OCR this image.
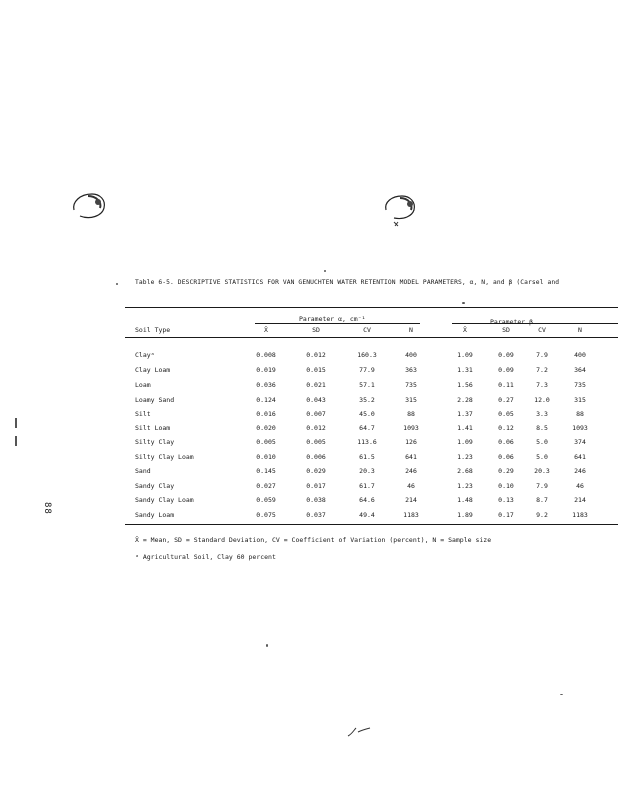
88
Table 6-5. DESCRIPTIVE STATISTICS FOR VAN GENUCHTEN WATER RETENTION MODEL PARAMETERS, α, N, and β (Carsel and
Parameter α, cm⁻¹	Parameter β
Soil Type	X̄	SD	CV	N	X̄	SD	CV	N
Clayᵃ	0.008	0.012	160.3	400	1.09	0.09	7.9	400
Clay Loam	0.019	0.015	77.9	363	1.31	0.09	7.2	364
Loam	0.036	0.021	57.1	735	1.56	0.11	7.3	735
Loamy Sand	0.124	0.043	35.2	315	2.28	0.27	12.0	315
Silt	0.016	0.007	45.0	88	1.37	0.05	3.3	88
Silt Loam	0.020	0.012	64.7	1093	1.41	0.12	8.5	1093
Silty Clay	0.005	0.005	113.6	126	1.09	0.06	5.0	374
Silty Clay Loam	0.010	0.006	61.5	641	1.23	0.06	5.0	641
Sand	0.145	0.029	20.3	246	2.68	0.29	20.3	246
Sandy Clay	0.027	0.017	61.7	46	1.23	0.10	7.9	46
Sandy Clay Loam	0.059	0.038	64.6	214	1.48	0.13	8.7	214
Sandy Loam	0.075	0.037	49.4	1183	1.89	0.17	9.2	1183
X̄ = Mean, SD = Standard Deviation, CV = Coefficient of Variation (percent), N = Sample size
ᵃ Agricultural Soil, Clay 60 percent
